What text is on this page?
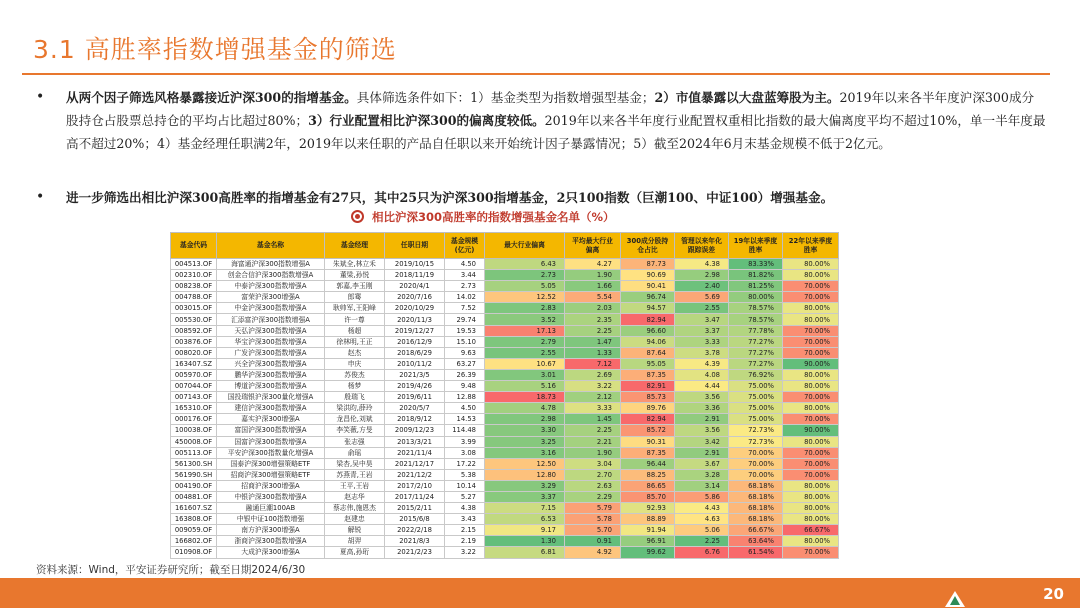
3.1 高胜率指数增强基金的筛选
• 从两个因子筛选风格暴露接近沪深300的指增基金。具体筛选条件如下：1）基金类型为指数增强型基金；2）市值暴露以大盘蓝筹股为主。2019年以来各半年度沪深300成分股持仓占股票总持仓的平均占比超过80%；3）行业配置相比沪深300的偏离度较低。2019年以来各半年度行业配置权重相比指数的最大偏离度平均不超过10%，单一半年度最高不超过20%；4）基金经理任职满2年，2019年以来任职的产品自任职以来开始统计因子暴露情况；5）截至2024年6月末基金规模不低于2亿元。
• 进一步筛选出相比沪深300高胜率的指增基金有27只，其中25只为沪深300指增基金，2只100指数（巨潮100、中证100）增强基金。
相比沪深300高胜率的指数增强基金名单（%）
基金代码	基金名称	基金经理	任职日期	基金规模
(亿元)	最大行业偏离	平均最大行业
偏离	300成分股持
仓占比	管理以来年化
跟踪误差	19年以来季度
胜率	22年以来季度
胜率
004513.OF	海富通沪深300指数增强A	朱斌全,林立禾	2019/10/15	4.50	6.43	4.27	87.73	4.38	83.33%	80.00%
002310.OF	创金合信沪深300指数增强A	董梁,孙悦	2018/11/19	3.44	2.73	1.90	90.69	2.98	81.82%	80.00%
008238.OF	中泰沪深300指数增强A	郭嘉,李玉刚	2020/4/1	2.73	5.05	1.66	90.41	2.40	81.25%	70.00%
004788.OF	富荣沪深300增强A	郎骞	2020/7/16	14.02	12.52	5.54	96.74	5.69	80.00%	70.00%
003015.OF	中金沪深300指数增强A	耿帅军,王阳峰	2020/10/29	7.52	2.83	2.03	94.57	2.55	78.57%	80.00%
005530.OF	汇添富沪深300指数增强A	许一尊	2020/11/3	29.74	3.52	2.35	82.94	3.47	78.57%	80.00%
008592.OF	天弘沪深300指数增强A	杨超	2019/12/27	19.53	17.13	2.25	96.60	3.37	77.78%	70.00%
003876.OF	华宝沪深300指数增强A	徐林明,王正	2016/12/9	15.10	2.79	1.47	94.06	3.33	77.27%	70.00%
008020.OF	广发沪深300指数增强A	赵杰	2018/6/29	9.63	2.55	1.33	87.64	3.78	77.27%	70.00%
163407.SZ	兴全沪深300指数增强A	申庆	2010/11/2	63.27	10.67	7.12	95.05	4.39	77.27%	90.00%
005970.OF	鹏华沪深300指数增强A	苏俊杰	2021/3/5	26.39	3.01	2.69	87.35	4.08	76.92%	80.00%
007044.OF	博道沪深300指数增强A	杨梦	2019/4/26	9.48	5.16	3.22	82.91	4.44	75.00%	80.00%
007143.OF	国投瑞银沪深300量化增强A	殷瑞飞	2019/6/11	12.88	18.73	2.12	85.73	3.56	75.00%	70.00%
165310.OF	建信沪深300指数增强A	梁洪昀,薛玲	2020/5/7	4.50	4.78	3.33	89.76	3.36	75.00%	80.00%
000176.OF	嘉实沪深300增强A	龙昌伦,刘斌	2018/9/12	14.53	2.98	1.45	82.94	2.91	75.00%	70.00%
100038.OF	富国沪深300指数增强A	李笑薇,方旻	2009/12/23	114.48	3.30	2.25	85.72	3.56	72.73%	90.00%
450008.OF	国富沪深300指数增强A	张志强	2013/3/21	3.99	3.25	2.21	90.31	3.42	72.73%	80.00%
005113.OF	平安沪深300指数量化增强A	俞瑶	2021/11/4	3.08	3.16	1.90	87.35	2.91	70.00%	70.00%
561300.SH	国泰沪深300增强策略ETF	梁杏,吴中昊	2021/12/17	17.22	12.50	3.04	96.44	3.67	70.00%	70.00%
561990.SH	招商沪深300增强策略ETF	苏燕青,王岩	2021/12/2	5.38	12.80	2.70	88.25	3.28	70.00%	70.00%
004190.OF	招商沪深300增强A	王平,王岩	2017/2/10	10.14	3.29	2.63	86.65	3.14	68.18%	80.00%
004881.OF	中银沪深300指数增强A	赵志华	2017/11/24	5.27	3.37	2.29	85.70	5.86	68.18%	80.00%
161607.SZ	融通巨潮100AB	蔡志伟,施恩杰	2015/2/11	4.38	7.15	5.79	92.93	4.43	68.18%	80.00%
163808.OF	中银中证100指数增强	赵建忠	2015/6/8	3.43	6.53	5.78	88.89	4.63	68.18%	80.00%
009059.OF	南方沪深300增强A	解锐	2022/2/18	2.15	9.17	5.70	91.94	5.06	66.67%	66.67%
166802.OF	浙商沪深300指数增强A	胡羿	2021/8/3	2.19	1.30	0.91	96.91	2.25	63.64%	80.00%
010908.OF	大成沪深300增强A	夏高,孙珩	2021/2/23	3.22	6.81	4.92	99.62	6.76	61.54%	70.00%
资料来源：Wind，平安证券研究所；截至日期2024/6/30
20
